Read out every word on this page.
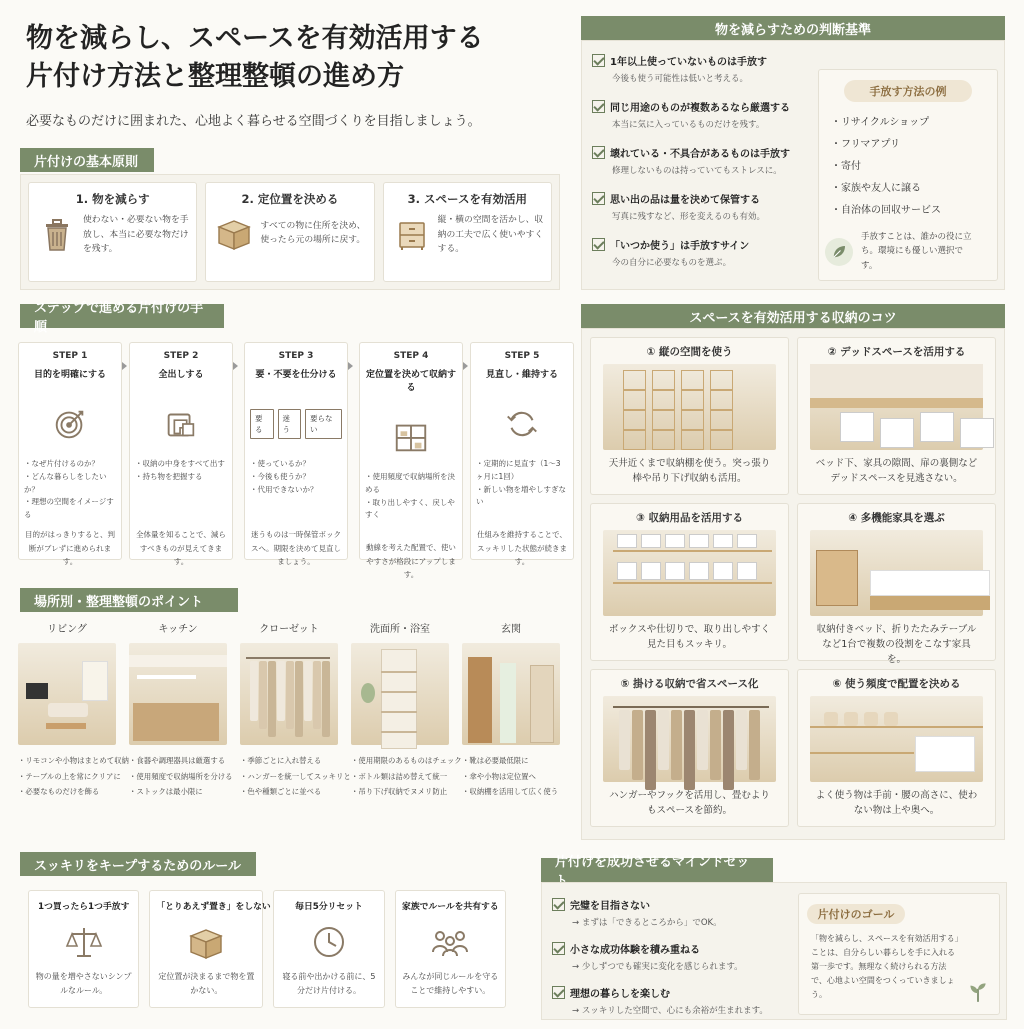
物を減らし、スペースを有効活用する
片付け方法と整理整頓の進め方
必要なものだけに囲まれた、心地よく暮らせる空間づくりを目指しましょう。
片付けの基本原則
1. 物を減らす
使わない・必要ない物を手放し、本当に必要な物だけを残す。
2. 定位置を決める
すべての物に住所を決め、使ったら元の場所に戻す。
3. スペースを有効活用
縦・横の空間を活かし、収納の工夫で広く使いやすくする。
物を減らすための判断基準
1年以上使っていないものは手放す
今後も使う可能性は低いと考える。
同じ用途のものが複数あるなら厳選する
本当に気に入っているものだけを残す。
壊れている・不具合があるものは手放す
修理しないものは持っていてもストレスに。
思い出の品は量を決めて保管する
写真に残すなど、形を変えるのも有効。
「いつか使う」は手放すサイン
今の自分に必要なものを選ぶ。
手放す方法の例
・ リサイクルショップ
・ フリマアプリ
・ 寄付
・ 家族や友人に譲る
・ 自治体の回収サービス
手放すことは、誰かの役に立ち。環境にも優しい選択です。
ステップで進める片付けの手順
STEP 1
目的を明確にする
・ なぜ片付けるのか？
・ どんな暮らしをしたいか？
・ 理想の空間をイメージする
目的がはっきりすると、判断がブレずに進められます。
STEP 2
全出しする
・ 収納の中身をすべて出す
・ 持ち物を把握する
全体量を知ることで、減らすべきものが見えてきます。
STEP 3
要・不要を仕分ける
要る
迷う
要らない
・ 使っているか？
・ 今後も使うか？
・ 代用できないか？
迷うものは一時保管ボックスへ。期限を決めて見直しましょう。
STEP 4
定位置を決めて収納する
・ 使用頻度で収納場所を決める
・ 取り出しやすく、戻しやすく
動線を考えた配置で、使いやすさが格段にアップします。
STEP 5
見直し・維持する
・ 定期的に見直す（1〜3ヶ月に1回）
・ 新しい物を増やしすぎない
仕組みを維持することで、スッキリした状態が続きます。
場所別・整理整頓のポイント
リビング
・ リモコンや小物はまとめて収納
・ テーブルの上を常にクリアに
・ 必要なものだけを飾る
キッチン
・ 食器や調理器具は厳選する
・ 使用頻度で収納場所を分ける
・ ストックは最小限に
クローゼット
・ 季節ごとに入れ替える
・ ハンガーを統一してスッキリと
・ 色や種類ごとに並べる
洗面所・浴室
・ 使用期限のあるものはチェック
・ ボトル類は詰め替えて統一
・ 吊り下げ収納でヌメリ防止
玄関
・ 靴は必要最低限に
・ 傘や小物は定位置へ
・ 収納棚を活用して広く使う
スペースを有効活用する収納のコツ
① 縦の空間を使う
天井近くまで収納棚を使う。突っ張り棒や吊り下げ収納も活用。
② デッドスペースを活用する
ベッド下、家具の隙間、扉の裏側などデッドスペースを見逃さない。
③ 収納用品を活用する
ボックスや仕切りで、取り出しやすく見た目もスッキリ。
④ 多機能家具を選ぶ
収納付きベッド、折りたたみテーブルなど1台で複数の役割をこなす家具を。
⑤ 掛ける収納で省スペース化
ハンガーやフックを活用し、畳むよりもスペースを節約。
⑥ 使う頻度で配置を決める
よく使う物は手前・腰の高さに、使わない物は上や奥へ。
スッキリをキープするためのルール
1つ買ったら1つ手放す
物の量を増やさないシンプルなルール。
「とりあえず置き」をしない
定位置が決まるまで物を置かない。
毎日5分リセット
寝る前や出かける前に、5分だけ片付ける。
家族でルールを共有する
みんなが同じルールを守ることで維持しやすい。
片付けを成功させるマインドセッ
完璧を目指さない
→ まずは「できるところから」でOK。
小さな成功体験を積み重ねる
→ 少しずつでも確実に変化を感じられます。
理想の暮らしを楽しむ
→ スッキリした空間で、心にも余裕が生まれます。
片付けのゴール
「物を減らし、スペースを有効活用する」ことは、自分らしい暮らしを手に入れる第一歩です。無理なく続けられる方法で、心地よい空間をつくっていきましょう。
